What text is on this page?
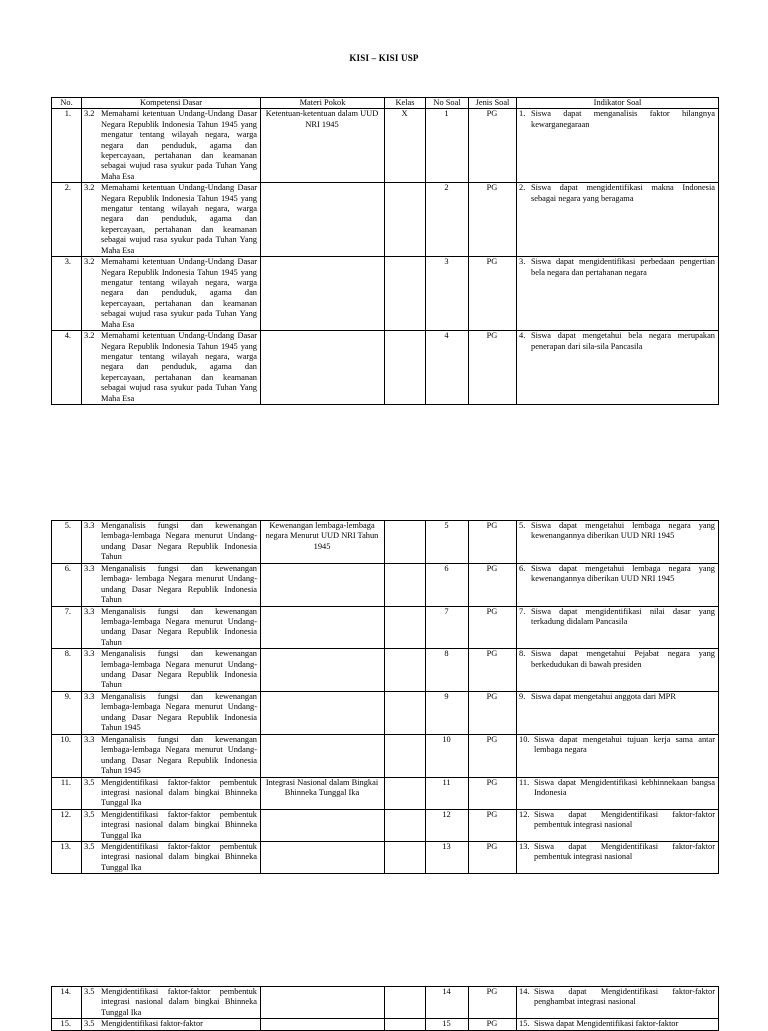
KISI – KISI USP
No.	Kompetensi Dasar	Materi Pokok	Kelas	No Soal	Jenis Soal	Indikator Soal
1.	3.2 Memahami ketentuan Undang-Undang Dasar Negara Republik Indonesia Tahun 1945 yang mengatur tentang wilayah negara, warga negara dan penduduk, agama dan kepercayaan, pertahanan dan keamanan sebagai wujud rasa syukur pada Tuhan Yang Maha Esa	Ketentuan-ketentuan dalam UUD NRI 1945	X	1	PG	1. Siswa dapat menganalisis faktor hilangnya kewarganegaraan

2.	3.2 Memahami ketentuan Undang-Undang Dasar Negara Republik Indonesia Tahun 1945 yang mengatur tentang wilayah negara, warga negara dan penduduk, agama dan kepercayaan, pertahanan dan keamanan sebagai wujud rasa syukur pada Tuhan Yang Maha Esa			2	PG	2. Siswa dapat mengidentifikasi makna Indonesia sebagai negara yang beragama

3.	3.2 Memahami ketentuan Undang-Undang Dasar Negara Republik Indonesia Tahun 1945 yang mengatur tentang wilayah negara, warga negara dan penduduk, agama dan kepercayaan, pertahanan dan keamanan sebagai wujud rasa syukur pada Tuhan Yang Maha Esa			3	PG	3. Siswa dapat mengidentifikasi perbedaan pengertian bela negara dan pertahanan negara

4.	3.2 Memahami ketentuan Undang-Undang Dasar Negara Republik Indonesia Tahun 1945 yang mengatur tentang wilayah negara, warga negara dan penduduk, agama dan kepercayaan, pertahanan dan keamanan sebagai wujud rasa syukur pada Tuhan Yang Maha Esa			4	PG	4. Siswa dapat mengetahui bela negara merupakan penerapan dari sila-sila Pancasila
5.	3.3 Menganalisis fungsi dan kewenangan lembaga-lembaga Negara menurut Undang-undang Dasar Negara Republik Indonesia Tahun	Kewenangan lembaga-lembaga negara Menurut UUD NRI Tahun 1945		5	PG	5. Siswa dapat mengetahui lembaga negara yang kewenangannya diberikan UUD NRI 1945

6.	3.3 Menganalisis fungsi dan kewenangan lembaga- lembaga Negara menurut Undang-undang Dasar Negara Republik Indonesia Tahun			6	PG	6. Siswa dapat mengetahui lembaga negara yang kewenangannya diberikan UUD NRI 1945

7.	3.3 Menganalisis fungsi dan kewenangan lembaga-lembaga Negara menurut Undang-undang Dasar Negara Republik Indonesia Tahun			7	PG	7. Siswa dapat mengidentifikasi nilai dasar yang terkadung didalam Pancasila

8.	3.3 Menganalisis fungsi dan kewenangan lembaga-lembaga Negara menurut Undang-undang Dasar Negara Republik Indonesia Tahun			8	PG	8. Siswa dapat mengetahui Pejabat negara yang berkedudukan di bawah presiden

9.	3.3 Menganalisis fungsi dan kewenangan lembaga-lembaga Negara menurut Undang-undang Dasar Negara Republik Indonesia Tahun 1945			9	PG	9. Siswa dapat mengetahui anggota dari MPR

10.	3.3 Menganalisis fungsi dan kewenangan lembaga-lembaga Negara menurut Undang-undang Dasar Negara Republik Indonesia Tahun 1945			10	PG	10. Siswa dapat mengetahui tujuan kerja sama antar lembaga negara

11.	3.5 Mengidentifikasi faktor-faktor pembentuk integrasi nasional dalam bingkai Bhinneka Tunggal Ika	Integrasi Nasional dalam Bingkai Bhinneka Tunggal Ika		11	PG	11. Siswa dapat Mengidentifikasi kebhinnekaan bangsa Indonesia

12.	3.5 Mengidentifikasi faktor-faktor pembentuk integrasi nasional dalam bingkai Bhinneka Tunggal Ika			12	PG	12. Siswa dapat Mengidentifikasi faktor-faktor pembentuk integrasi nasional

13.	3.5 Mengidentifikasi faktor-faktor pembentuk integrasi nasional dalam bingkai Bhinneka Tunggal Ika			13	PG	13. Siswa dapat Mengidentifikasi faktor-faktor pembentuk integrasi nasional
14.	3.5 Mengidentifikasi faktor-faktor pembentuk integrasi nasional dalam bingkai Bhinneka Tunggal Ika			14	PG	14. Siswa dapat Mengidentifikasi faktor-faktor penghambat integrasi nasional

15.	3.5 Mengidentifikasi faktor-faktor			15	PG	15. Siswa dapat Mengidentifikasi faktor-faktor
